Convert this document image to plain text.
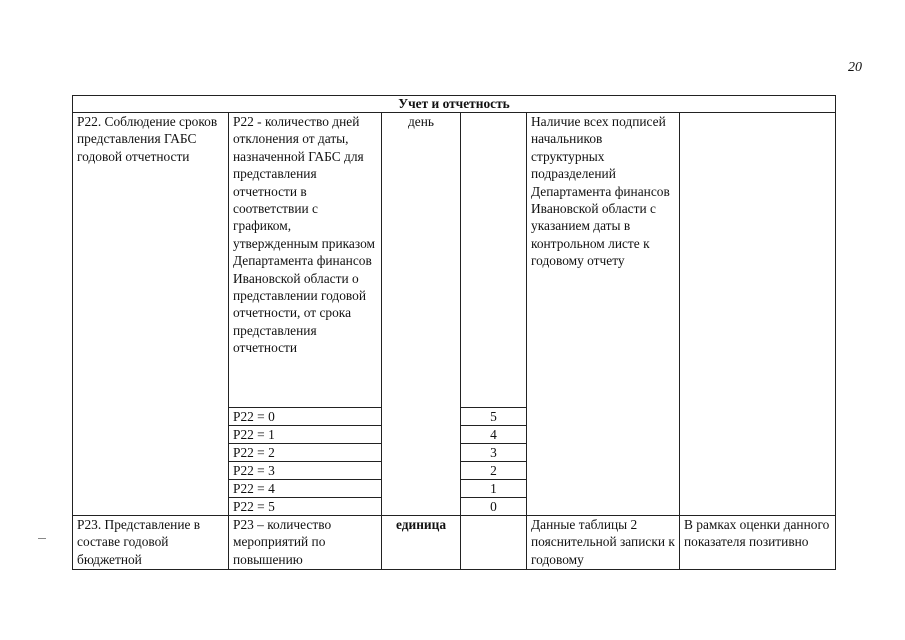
20
Учет и отчетность					
Р22. Соблюдение сроков представления ГАБС годовой отчетности	Р22 - количество дней отклонения от даты, назначенной ГАБС для представления отчетности в соответствии с графиком, утвержденным приказом Департамента финансов Ивановской области о представлении годовой отчетности, от срока представления отчетности	день		Наличие всех подписей начальников структурных подразделений Департамента финансов Ивановской области с указанием даты в контрольном листе к годовому отчету	
	Р22 = 0		5		
	Р22 = 1		4		
	Р22 = 2		3		
	Р22 = 3		2		
	Р22 = 4		1		
	Р22 = 5		0		
Р23. Представление в составе годовой бюджетной	Р23 – количество мероприятий по повышению	единица		Данные таблицы 2 пояснительной записки к годовому	В рамках оценки данного показателя позитивно
